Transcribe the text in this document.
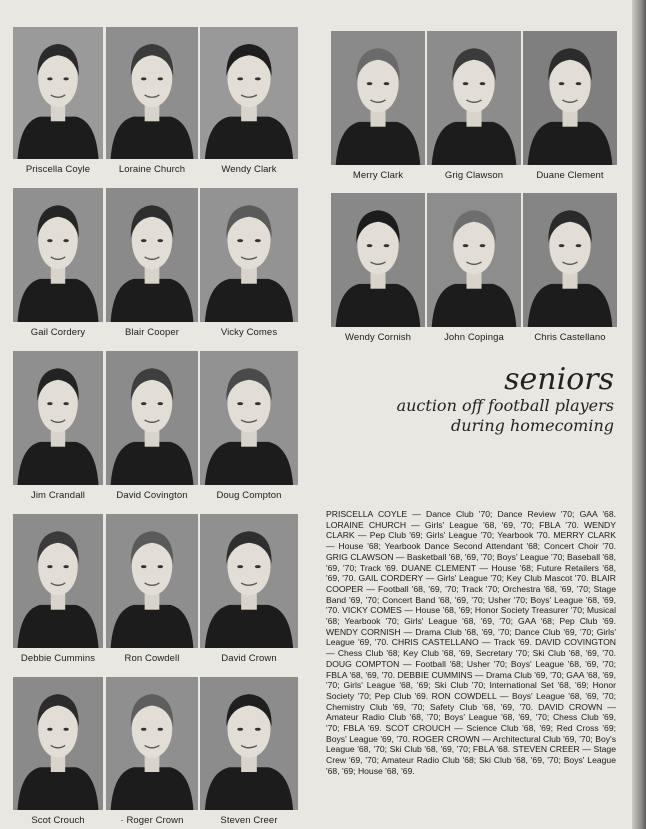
Priscella Coyle	Loraine Church	Wendy Clark
Merry Clark	Grig Clawson	Duane Clement
Gail Cordery	Blair Cooper	Vicky Comes	Wendy Cornish	John Copinga	Chris Castellano
Jim Crandall	David Covington	Doug Compton
Debbie Cummins	Ron Cowdell	David Crown
Scot Crouch	· Roger Crown	Steven Creer
seniors
auction off football players
during homecoming
PRISCELLA COYLE — Dance Club '70; Dance Review '70; GAA '68. LORAINE CHURCH — Girls' League '68, '69, '70; FBLA '70. WENDY CLARK — Pep Club '69; Girls' League '70; Yearbook '70. MERRY CLARK — House '68; Yearbook Dance Second Attendant '68; Concert Choir '70. GRIG CLAWSON — Basketball '68, '69, '70; Boys' League '70; Baseball '68, '69, '70; Track '69. DUANE CLEMENT — House '68; Future Retailers '68, '69, '70. GAIL CORDERY — Girls' League '70; Key Club Mascot '70. BLAIR COOPER — Football '68, '69, '70; Track '70; Orchestra '68, '69, '70; Stage Band '69, '70; Concert Band '68, '69, '70; Usher '70; Boys' League '68, '69, '70. VICKY COMES — House '68, '69; Honor Society Treasurer '70; Musical '68; Yearbook '70; Girls' League '68, '69, '70; GAA '68; Pep Club '69. WENDY CORNISH — Drama Club '68, '69, '70; Dance Club '69, '70; Girls' League '69, '70. CHRIS CASTELLANO — Track '69. DAVID COVINGTON — Chess Club '68; Key Club '68, '69, Secretary '70; Ski Club '68, '69, '70. DOUG COMPTON — Football '68; Usher '70; Boys' League '68, '69, '70; FBLA '68, '69, '70. DEBBIE CUMMINS — Drama Club '69, '70; GAA '68, '69, '70; Girls' League '68, '69; Ski Club '70; International Set '68, '69; Honor Society '70; Pep Club '69. RON COWDELL — Boys' League '68, '69, '70; Chemistry Club '69, '70; Safety Club '68, '69, '70. DAVID CROWN — Amateur Radio Club '68, '70; Boys' League '68, '69, '70; Chess Club '69, '70; FBLA '69. SCOT CROUCH — Science Club '68, '69; Red Cross '69; Boys' League '69, '70. ROGER CROWN — Architectural Club '69, '70; Boy's League '68, '70; Ski Club '68, '69, '70; FBLA '68. STEVEN CREER — Stage Crew '69, '70; Amateur Radio Club '68; Ski Club '68, '69, '70; Boys' League '68, '69; House '68, '69.
